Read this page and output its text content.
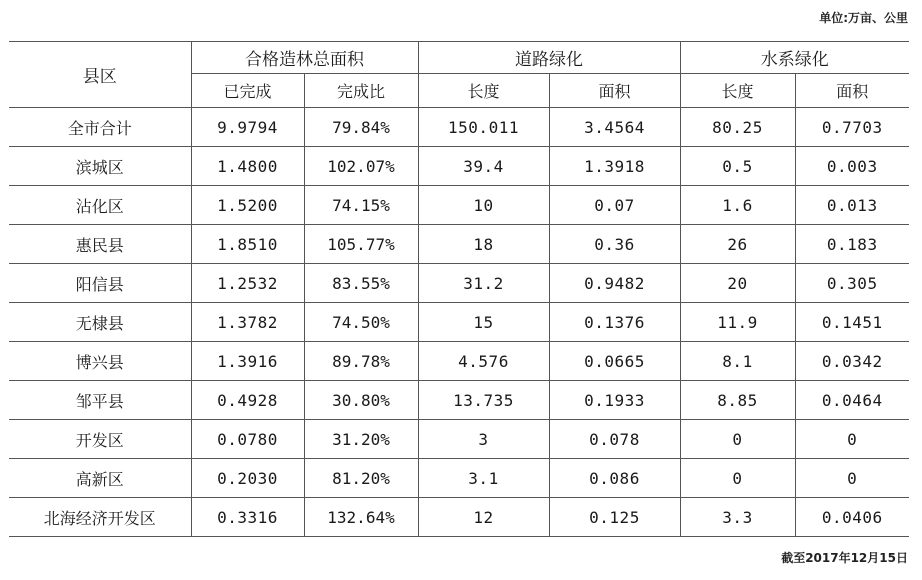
单位:万亩、公里
县区	合格造林总面积		道路绿化		水系绿化	
	已完成	完成比	长度	面积	长度	面积
全市合计	9.9794	79.84%	150.011	3.4564	80.25	0.7703
滨城区	1.4800	102.07%	39.4	1.3918	0.5	0.003
沾化区	1.5200	74.15%	10	0.07	1.6	0.013
惠民县	1.8510	105.77%	18	0.36	26	0.183
阳信县	1.2532	83.55%	31.2	0.9482	20	0.305
无棣县	1.3782	74.50%	15	0.1376	11.9	0.1451
博兴县	1.3916	89.78%	4.576	0.0665	8.1	0.0342
邹平县	0.4928	30.80%	13.735	0.1933	8.85	0.0464
开发区	0.0780	31.20%	3	0.078	0	0
高新区	0.2030	81.20%	3.1	0.086	0	0
北海经济开发区	0.3316	132.64%	12	0.125	3.3	0.0406
截至2017年12月15日
